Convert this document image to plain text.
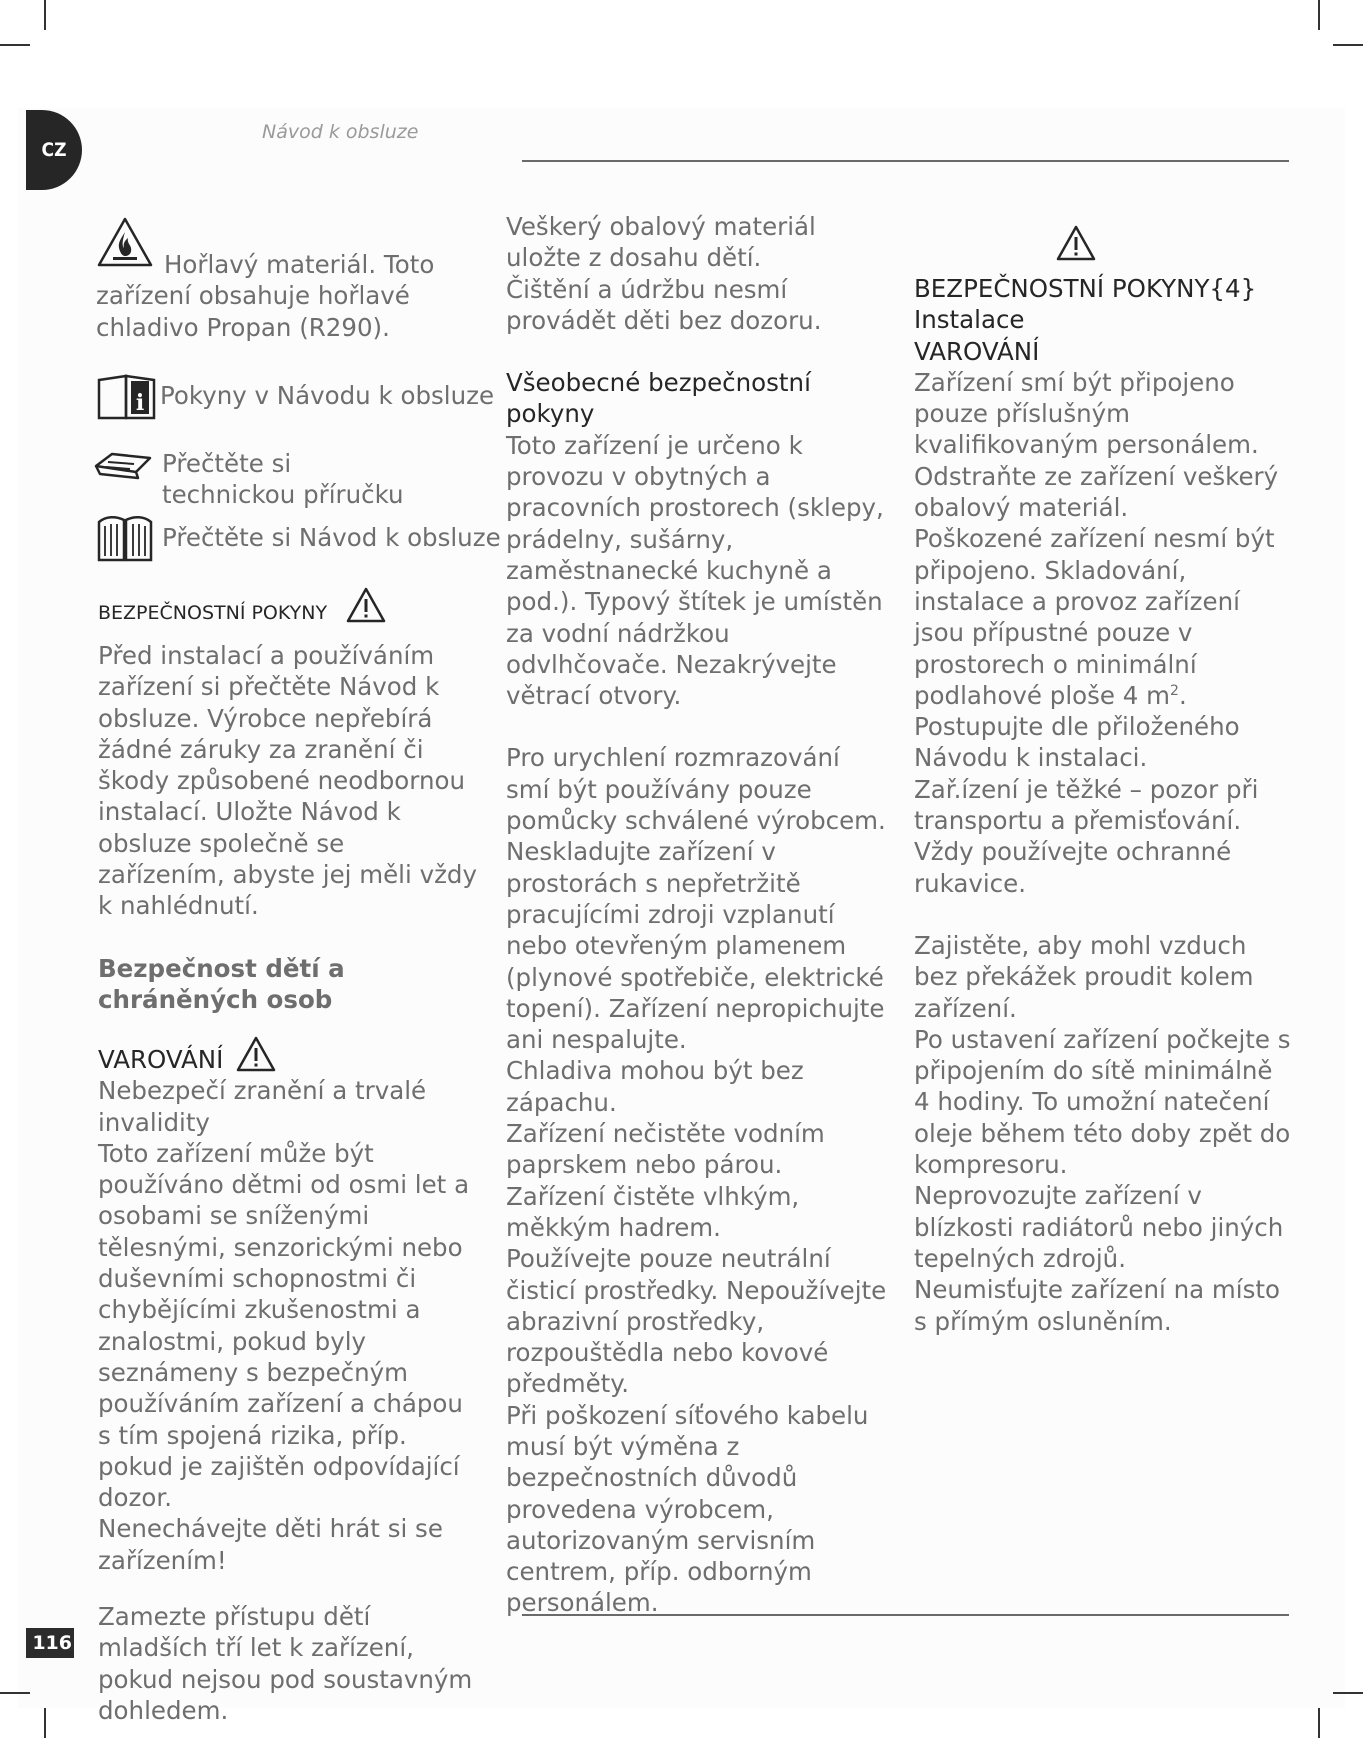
CZ
Návod k obsluze

Hořlavý materiál. Toto zařízení obsahuje hořlavé chladivo Propan (R290).

i Pokyny v Návodu k obsluze
Přečtěte si technickou příručku
Přečtěte si Návod k obsluze
BEZPEČNOSTNÍ POKYNY

Před instalací a používáním zařízení si přečtěte Návod k obsluze. Výrobce nepřebírá žádné záruky za zranění či škody způsobené neodbornou instalací. Uložte Návod k obsluze společně se zařízením, abyste jej měli vždy k nahlédnutí.

Bezpečnost dětí a chráněných osob

VAROVÁNÍ

Nebezpečí zranění a trvalé invalidity

Toto zařízení může být používáno dětmi od osmi let a osobami se sníženými tělesnými, senzorickými nebo duševními schopnostmi či chybějícími zkušenostmi a znalostmi, pokud byly seznámeny s bezpečným používáním zařízení a chápou s tím spojená rizika, příp. pokud je zajištěn odpovídající dozor.

Nenechávejte děti hrát si se zařízením!

Zamezte přístupu dětí mladších tří let k zařízení, pokud nejsou pod soustavným dohledem.

Veškerý obalový materiál uložte z dosahu dětí.

Čištění a údržbu nesmí provádět děti bez dozoru.

Všeobecné bezpečnostní pokyny

Toto zařízení je určeno k provozu v obytných a pracovních prostorech (sklepy, prádelny, sušárny, zaměstnanecké kuchyně a pod.). Typový štítek je umístěn za vodní nádržkou odvlhčovače. Nezakrývejte větrací otvory.

Pro urychlení rozmrazování smí být používány pouze pomůcky schválené výrobcem.

Neskladujte zařízení v prostorách s nepřetržitě pracujícími zdroji vzplanutí nebo otevřeným plamenem (plynové spotřebiče, elektrické topení). Zařízení nepropichujte ani nespalujte.

Chladiva mohou být bez zápachu.

Zařízení nečistěte vodním paprskem nebo párou. Zařízení čistěte vlhkým, měkkým hadrem.

Používejte pouze neutrální čisticí prostředky. Nepoužívejte abrazivní prostředky, rozpouštědla nebo kovové předměty.

Při poškození síťového kabelu musí být výměna z bezpečnostních důvodů provedena výrobcem, autorizovaným servisním centrem, příp. odborným personálem.

BEZPEČNOSTNÍ POKYNY{4}

Instalace

VAROVÁNÍ

Zařízení smí být připojeno pouze příslušným kvalifikovaným personálem.

Odstraňte ze zařízení veškerý obalový materiál.

Poškozené zařízení nesmí být připojeno. Skladování, instalace a provoz zařízení jsou přípustné pouze v prostorech o minimální podlahové ploše 4 $m^2$. Postupujte dle přiloženého Návodu k instalaci.

Zař.ízení je těžké – pozor při transportu a přemisťování. Vždy používejte ochranné rukavice.

Zajistěte, aby mohl vzduch bez překážek proudit kolem zařízení.

Po ustavení zařízení počkejte s připojením do sítě minimálně 4 hodiny. To umožní natečení oleje během této doby zpět do kompresoru.

Neprovozujte zařízení v blízkosti radiátorů nebo jiných tepelných zdrojů.

Neumisťujte zařízení na místo s přímým osluněním.

116
